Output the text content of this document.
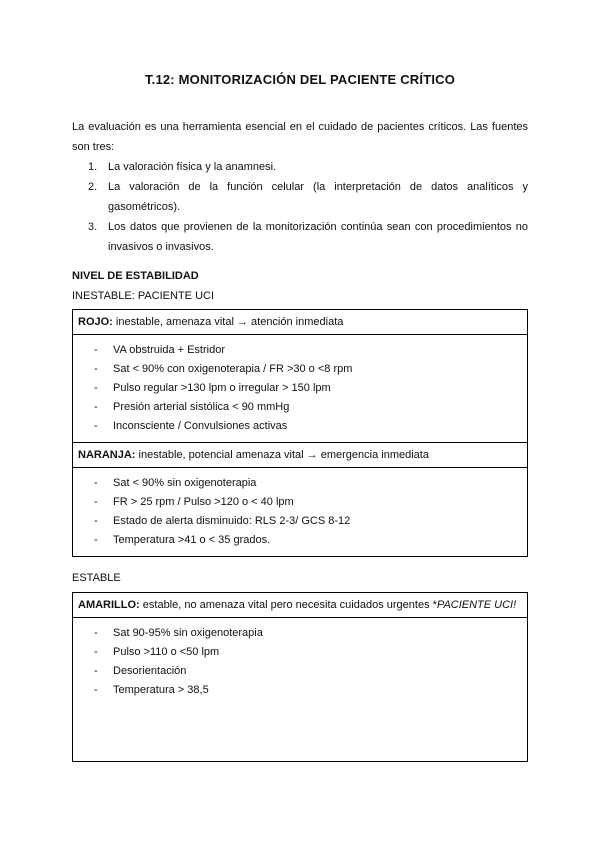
T.12: MONITORIZACIÓN DEL PACIENTE CRÍTICO
La evaluación es una herramienta esencial en el cuidado de pacientes críticos. Las fuentes son tres:
1. La valoración física y la anamnesi.
2. La valoración de la función celular (la interpretación de datos analíticos y gasométricos).
3. Los datos que provienen de la monitorización continúa sean con procedimientos no invasivos o invasivos.
NIVEL DE ESTABILIDAD
INESTABLE: PACIENTE UCI
ROJO: inestable, amenaza vital → atención inmediata
- VA obstruida + Estridor
- Sat < 90% con oxigenoterapia / FR >30 o <8 rpm
- Pulso regular >130 lpm o irregular > 150 lpm
- Presión arterial sistólica < 90 mmHg
- Inconsciente / Convulsiones activas
NARANJA: inestable, potencial amenaza vital → emergencia inmediata
- Sat < 90% sin oxigenoterapia
- FR > 25 rpm / Pulso >120 o < 40 lpm
- Estado de alerta disminuido: RLS 2-3/ GCS 8-12
- Temperatura >41 o < 35 grados.
ESTABLE
AMARILLO: estable, no amenaza vital pero necesita cuidados urgentes *PACIENTE UCI!
- Sat 90-95% sin oxigenoterapia
- Pulso >110 o <50 lpm
- Desorientación
- Temperatura > 38,5
